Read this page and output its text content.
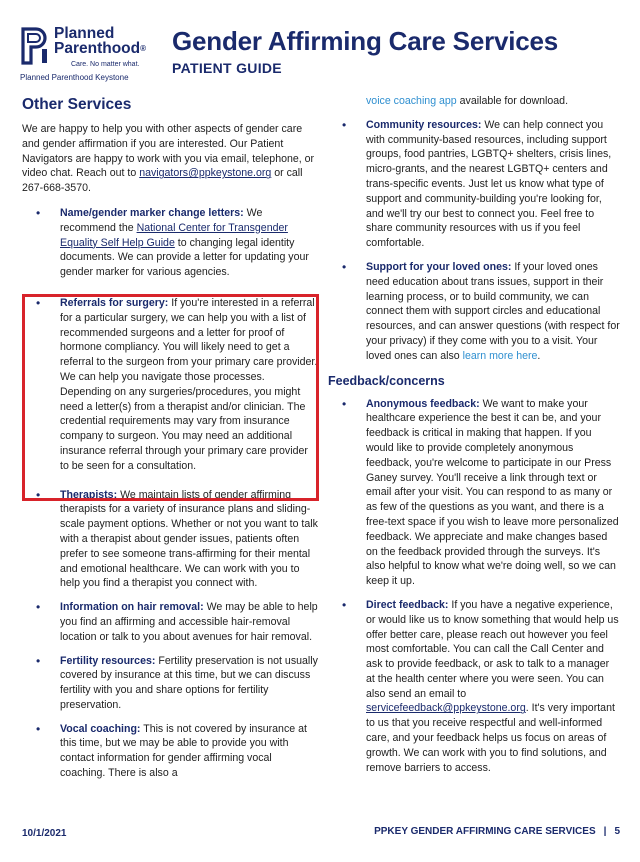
Planned
Parenthood®
Care. No matter what.
Planned Parenthood Keystone
Gender Affirming Care Services
PATIENT GUIDE
Other Services

We are happy to help you with other aspects of gender care and gender affirmation if you are interested. Our Patient Navigators are happy to work with you via email, telephone, or video chat. Reach out to navigators@ppkeystone.org or call 267-668-3570.

• Name/gender marker change letters: We recommend the National Center for Transgender Equality Self Help Guide to changing legal identity documents. We can provide a letter for updating your gender marker for various agencies.
• Referrals for surgery: If you're interested in a referral for a particular surgery, we can help you with a list of recommended surgeons and a letter for proof of hormone compliancy. You will likely need to get a referral to the surgeon from your primary care provider. We can help you navigate those processes. Depending on any surgeries/procedures, you might need a letter(s) from a therapist and/or clinician. The credential requirements may vary from insurance company to surgeon. You may need an additional insurance referral through your primary care provider to be seen for a consultation.
• Therapists: We maintain lists of gender affirming therapists for a variety of insurance plans and sliding- scale payment options. Whether or not you want to talk with a therapist about gender issues, patients often prefer to see someone trans-affirming for their mental and emotional healthcare. We can work with you to help you find a therapist you connect with.
• Information on hair removal: We may be able to help you find an affirming and accessible hair-removal location or talk to you about avenues for hair removal.
• Fertility resources: Fertility preservation is not usually covered by insurance at this time, but we can discuss fertility with you and share options for fertility preservation.
• Vocal coaching: This is not covered by insurance at this time, but we may be able to provide you with contact information for gender affirming vocal coaching. There is also a

voice coaching app available for download.

• Community resources: We can help connect you with community-based resources, including support groups, food pantries, LGBTQ+ shelters, crisis lines, micro-grants, and the nearest LGBTQ+ centers and trans-specific events. Just let us know what type of support and community-building you're looking for, and we'll try our best to connect you. Feel free to share community resources with us if you feel comfortable.
• Support for your loved ones: If your loved ones need education about trans issues, support in their learning process, or to build community, we can connect them with support circles and educational resources, and can answer questions (with respect for your privacy) if they come with you to a visit. Your loved ones can also learn more here.
Feedback/concerns
• Anonymous feedback: We want to make your healthcare experience the best it can be, and your feedback is critical in making that happen. If you would like to provide completely anonymous feedback, you're welcome to participate in our Press Ganey survey. You'll receive a link through text or email after your visit. You can respond to as many or as few of the questions as you want, and there is a free-text space if you wish to leave more personalized feedback. We appreciate and make changes based on the feedback provided through the surveys. It's also helpful to know what we're doing well, so we can keep it up.
• Direct feedback: If you have a negative experience, or would like us to know something that would help us offer better care, please reach out however you feel most comfortable. You can call the Call Center and ask to provide feedback, or ask to talk to a manager at the health center where you were seen. You can also send an email to servicefeedback@ppkeystone.org. It's very important to us that you receive respectful and well-informed care, and your feedback helps us focus on areas of growth. We can work with you to find solutions, and remove barriers to access.
10/1/2021	PPKEY GENDER AFFIRMING CARE SERVICES | 5
